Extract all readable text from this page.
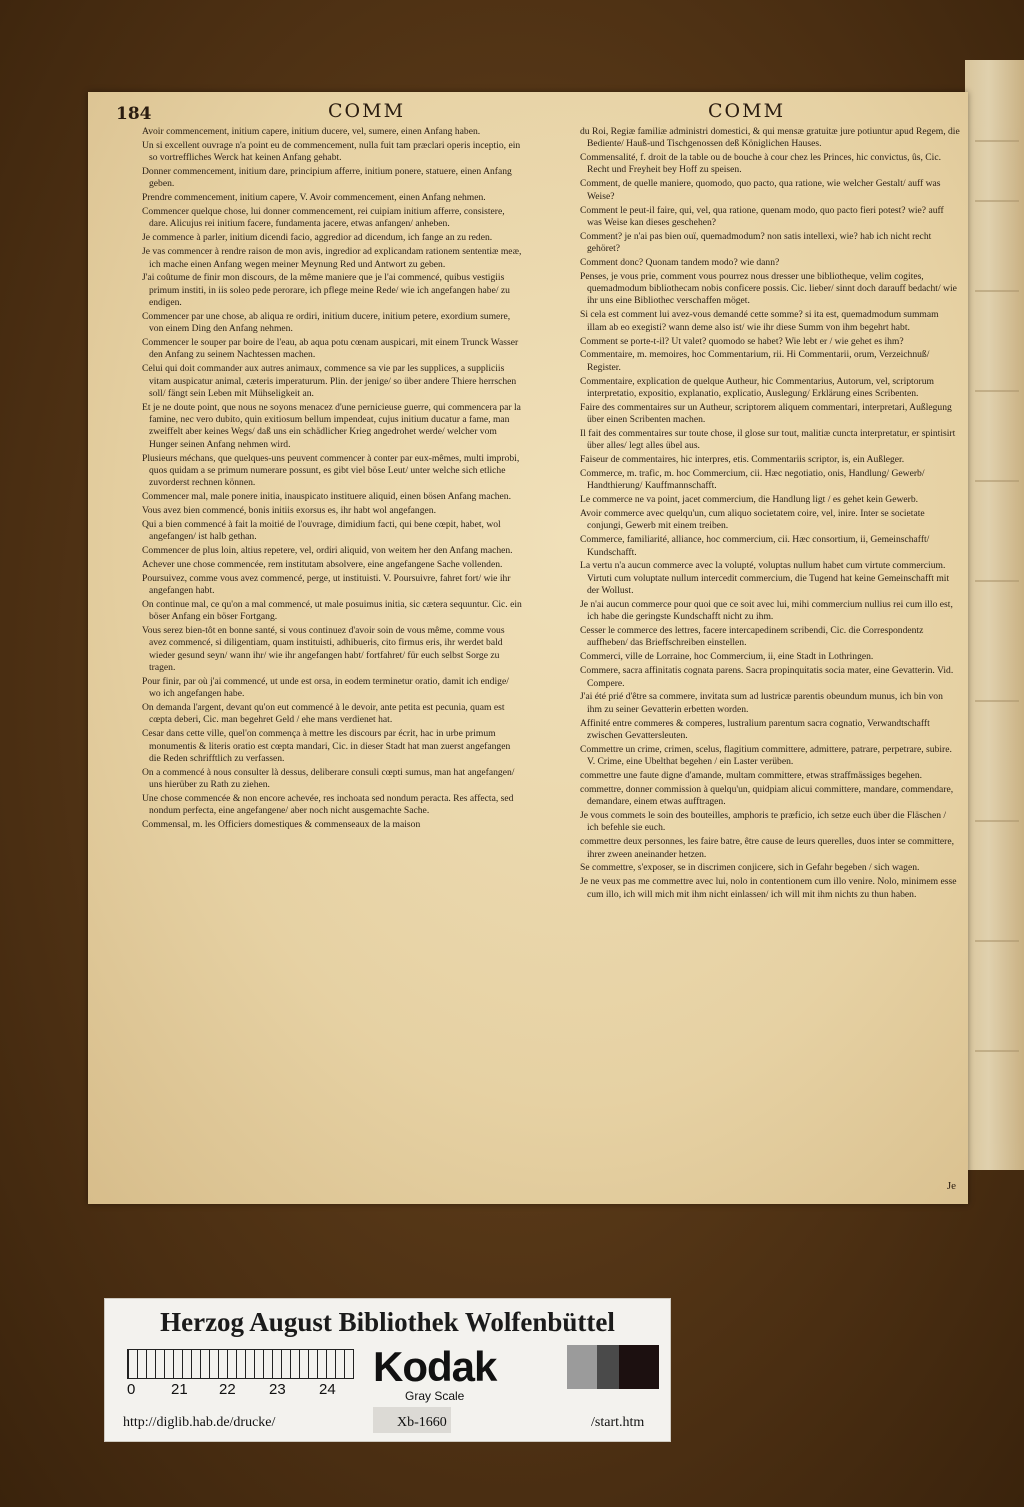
184	COMM	COMM
Avoir commencement, initium capere, initium ducere, vel, sumere, einen Anfang haben.
Un si excellent ouvrage n'a point eu de commencement, nulla fuit tam præclari operis inceptio, ein so vortreffliches Werck hat keinen Anfang gehabt.
Donner commencement, initium dare, principium afferre, initium ponere, statuere, einen Anfang geben.
Prendre commencement, initium capere, V. Avoir commencement, einen Anfang nehmen.
Commencer quelque chose, lui donner commencement, rei cuipiam initium afferre, consistere, dare. Alicujus rei initium facere, fundamenta jacere, etwas anfangen/ anheben.
Je commence à parler, initium dicendi facio, aggredior ad dicendum, ich fange an zu reden.
Je vas commencer à rendre raison de mon avis, ingredior ad explicandam rationem sententiæ meæ, ich mache einen Anfang wegen meiner Meynung Red und Antwort zu geben.
J'ai coûtume de finir mon discours, de la même maniere que je l'ai commencé, quibus vestigiis primum institi, in iis soleo pede perorare, ich pflege meine Rede/ wie ich angefangen habe/ zu endigen.
Commencer par une chose, ab aliqua re ordiri, initium ducere, initium petere, exordium sumere, von einem Ding den Anfang nehmen.
Commencer le souper par boire de l'eau, ab aqua potu cœnam auspicari, mit einem Trunck Wasser den Anfang zu seinem Nachtessen machen.
Celui qui doit commander aux autres animaux, commence sa vie par les supplices, a suppliciis vitam auspicatur animal, cæteris imperaturum. Plin. der jenige/ so über andere Thiere herrschen soll/ fängt sein Leben mit Mühseligkeit an.
Et je ne doute point, que nous ne soyons menacez d'une pernicieuse guerre, qui commencera par la famine, nec vero dubito, quin exitiosum bellum impendeat, cujus initium ducatur a fame, man zweiffelt aber keines Wegs/ daß uns ein schädlicher Krieg angedrohet werde/ welcher vom Hunger seinen Anfang nehmen wird.
Plusieurs méchans, que quelques-uns peuvent commencer à conter par eux-mêmes, multi improbi, quos quidam a se primum numerare possunt, es gibt viel böse Leut/ unter welche sich etliche zuvorderst rechnen können.
Commencer mal, male ponere initia, inauspicato instituere aliquid, einen bösen Anfang machen.
Vous avez bien commencé, bonis initiis exorsus es, ihr habt wol angefangen.
Qui a bien commencé à fait la moitié de l'ouvrage, dimidium facti, qui bene cœpit, habet, wol angefangen/ ist halb gethan.
Commencer de plus loin, altius repetere, vel, ordiri aliquid, von weitem her den Anfang machen.
Achever une chose commencée, rem institutam absolvere, eine angefangene Sache vollenden.
Poursuivez, comme vous avez commencé, perge, ut instituisti. V. Poursuivre, fahret fort/ wie ihr angefangen habt.
On continue mal, ce qu'on a mal commencé, ut male posuimus initia, sic cætera sequuntur. Cic. ein böser Anfang ein böser Fortgang.
Vous serez bien-tôt en bonne santé, si vous continuez d'avoir soin de vous même, comme vous avez commencé, si diligentiam, quam instituisti, adhibueris, cito firmus eris, ihr werdet bald wieder gesund seyn/ wann ihr/ wie ihr angefangen habt/ fortfahret/ für euch selbst Sorge zu tragen.
Pour finir, par où j'ai commencé, ut unde est orsa, in eodem terminetur oratio, damit ich endige/ wo ich angefangen habe.
On demanda l'argent, devant qu'on eut commencé à le devoir, ante petita est pecunia, quam est cœpta deberi, Cic. man begehret Geld / ehe mans verdienet hat.
Cesar dans cette ville, quel'on commença à mettre les discours par écrit, hac in urbe primum monumentis & literis oratio est cœpta mandari, Cic. in dieser Stadt hat man zuerst angefangen die Reden schrifftlich zu verfassen.
On a commencé à nous consulter là dessus, deliberare consuli cœpti sumus, man hat angefangen/ uns hierüber zu Rath zu ziehen.
Une chose commencée & non encore achevée, res inchoata sed nondum peracta. Res affecta, sed nondum perfecta, eine angefangene/ aber noch nicht ausgemachte Sache.
Commensal, m. les Officiers domestiques & commenseaux de la maison
du Roi, Regiæ familiæ administri domestici, & qui mensæ gratuitæ jure potiuntur apud Regem, die Bediente/ Hauß-und Tischgenossen deß Königlichen Hauses.
Commensalité, f. droit de la table ou de bouche à cour chez les Princes, hic convictus, ûs, Cic. Recht und Freyheit bey Hoff zu speisen.
Comment, de quelle maniere, quomodo, quo pacto, qua ratione, wie welcher Gestalt/ auff was Weise?
Comment le peut-il faire, qui, vel, qua ratione, quenam modo, quo pacto fieri potest? wie? auff was Weise kan dieses geschehen?
Comment? je n'ai pas bien ouï, quemadmodum? non satis intellexi, wie? hab ich nicht recht gehöret?
Comment donc? Quonam tandem modo? wie dann?
Penses, je vous prie, comment vous pourrez nous dresser une bibliotheque, velim cogites, quemadmodum bibliothecam nobis conficere possis. Cic. lieber/ sinnt doch darauff bedacht/ wie ihr uns eine Bibliothec verschaffen möget.
Si cela est comment lui avez-vous demandé cette somme? si ita est, quemadmodum summam illam ab eo exegisti? wann deme also ist/ wie ihr diese Summ von ihm begehrt habt.
Comment se porte-t-il? Ut valet? quomodo se habet? Wie lebt er / wie gehet es ihm?
Commentaire, m. memoires, hoc Commentarium, rii. Hi Commentarii, orum, Verzeichnuß/ Register.
Commentaire, explication de quelque Autheur, hic Commentarius, Autorum, vel, scriptorum interpretatio, expositio, explanatio, explicatio, Auslegung/ Erklärung eines Scribenten.
Faire des commentaires sur un Autheur, scriptorem aliquem commentari, interpretari, Außlegung über einen Scribenten machen.
Il fait des commentaires sur toute chose, il glose sur tout, malitiæ cuncta interpretatur, er spintisirt über alles/ legt alles übel aus.
Faiseur de commentaires, hic interpres, etis. Commentariis scriptor, is, ein Außleger.
Commerce, m. trafic, m. hoc Commercium, cii. Hæc negotiatio, onis, Handlung/ Gewerb/ Handthierung/ Kauffmannschafft.
Le commerce ne va point, jacet commercium, die Handlung ligt / es gehet kein Gewerb.
Avoir commerce avec quelqu'un, cum aliquo societatem coire, vel, inire. Inter se societate conjungi, Gewerb mit einem treiben.
Commerce, familiarité, alliance, hoc commercium, cii. Hæc consortium, ii, Gemeinschafft/ Kundschafft.
La vertu n'a aucun commerce avec la volupté, voluptas nullum habet cum virtute commercium. Virtuti cum voluptate nullum intercedit commercium, die Tugend hat keine Gemeinschafft mit der Wollust.
Je n'ai aucun commerce pour quoi que ce soit avec lui, mihi commercium nullius rei cum illo est, ich habe die geringste Kundschafft nicht zu ihm.
Cesser le commerce des lettres, facere intercapedinem scribendi, Cic. die Correspondentz auffheben/ das Brieffschreiben einstellen.
Commerci, ville de Lorraine, hoc Commercium, ii, eine Stadt in Lothringen.
Commere, sacra affinitatis cognata parens. Sacra propinquitatis socia mater, eine Gevatterin. Vid. Compere.
J'ai été prié d'être sa commere, invitata sum ad lustricæ parentis obeundum munus, ich bin von ihm zu seiner Gevatterin erbetten worden.
Affinité entre commeres & comperes, lustralium parentum sacra cognatio, Verwandtschafft zwischen Gevattersleuten.
Commettre un crime, crimen, scelus, flagitium committere, admittere, patrare, perpetrare, subire. V. Crime, eine Ubelthat begehen / ein Laster verüben.
commettre une faute digne d'amande, multam committere, etwas straffmässiges begehen.
commettre, donner commission à quelqu'un, quidpiam alicui committere, mandare, commendare, demandare, einem etwas aufftragen.
Je vous commets le soin des bouteilles, amphoris te præficio, ich setze euch über die Fläschen / ich befehle sie euch.
commettre deux personnes, les faire batre, être cause de leurs querelles, duos inter se committere, ihrer zween aneinander hetzen.
Se commettre, s'exposer, se in discrimen conjicere, sich in Gefahr begeben / sich wagen.
Je ne veux pas me commettre avec lui, nolo in contentionem cum illo venire. Nolo, minimem esse cum illo, ich will mich mit ihm nicht einlassen/ ich will mit ihm nichts zu thun haben.
Je
Herzog August Bibliothek Wolfenbüttel
0 21 22 23 24 Kodak
Gray Scale
http://diglib.hab.de/drucke/	Xb-1660	/start.htm
